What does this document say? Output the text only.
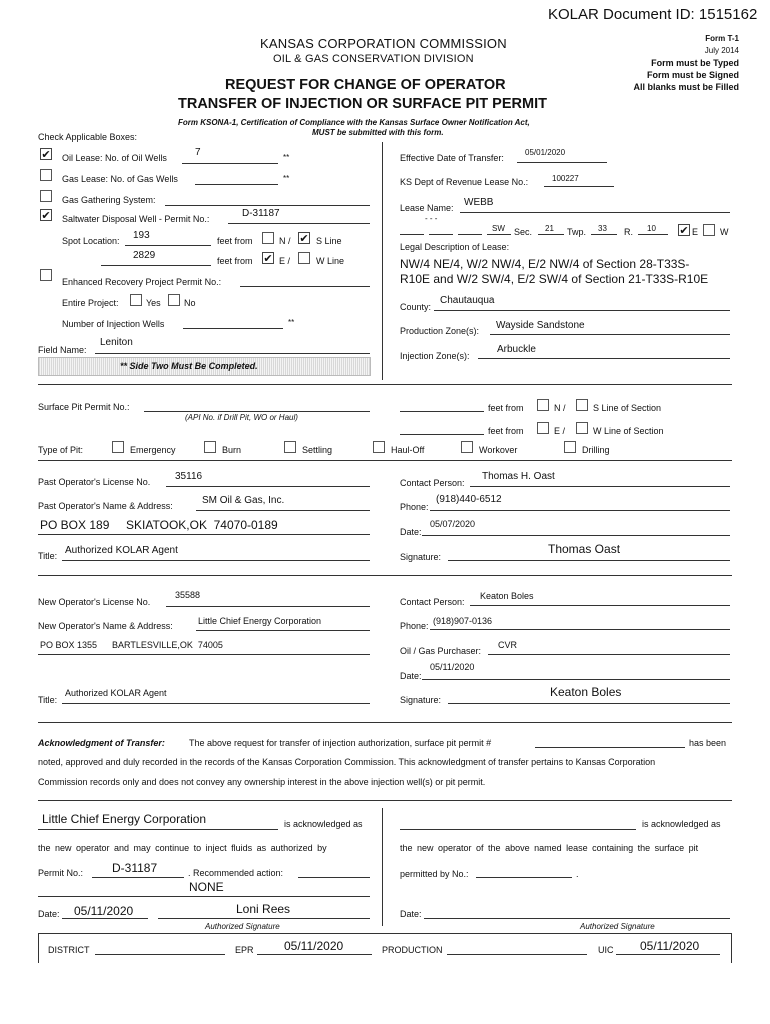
KOLAR Document ID: 1515162
KANSAS CORPORATION COMMISSION
OIL & GAS CONSERVATION DIVISION
REQUEST FOR CHANGE OF OPERATOR
TRANSFER OF INJECTION OR SURFACE PIT PERMIT
Form T-1
July 2014
Form must be Typed
Form must be Signed
All blanks must be Filled
Form KSONA-1, Certification of Compliance with the Kansas Surface Owner Notification Act,
MUST be submitted with this form.
Check Applicable Boxes:
✔ Oil Lease: No. of Oil Wells	7	**
Gas Lease: No. of Gas Wells	**
Gas Gathering System:
✔ Saltwater Disposal Well - Permit No.:	D-31187
Spot Location: 193	feet from	N / ✔ S Line
2829	feet from ✔ E /	W Line
Enhanced Recovery Project Permit No.:
Entire Project:	Yes	No
Number of Injection Wells	**
Field Name:
Leniton
** Side Two Must Be Completed.
Effective Date of Transfer:
05/01/2020
KS Dept of Revenue Lease No.:	100227
Lease Name: WEBB
- - -
SW Sec. 21 Twp. 33 R. 10 ✔ E W
Legal Description of Lease:
NW/4 NE/4, W/2 NW/4, E/2 NW/4 of Section 28-T33S-
R10E and W/2 SW/4, E/2 SW/4 of Section 21-T33S-R10E
County:
Chautauqua
Production Zone(s): Wayside Sandstone
Injection Zone(s):
Arbuckle
Surface Pit Permit No.:
(API No. if Drill Pit, WO or Haul)
feet from	N /	S Line of Section
feet from	E /	W Line of Section
Type of Pit:	Emergency	Burn	Settling	Haul-Off	Workover	Drilling
Past Operator's License No. 35116
Past Operator's Name & Address:	SM Oil & Gas, Inc.
PO BOX 189     SKIATOOK,OK  74070-0189
Title: Authorized KOLAR Agent
Contact Person:
Thomas H. Oast
Phone:
(918)440-6512
Date:
05/07/2020
Signature:
Thomas Oast
New Operator's License No.
35588
New Operator's Name & Address:	Little Chief Energy Corporation
PO BOX 1355      BARTLESVILLE,OK  74005
Title:
Authorized KOLAR Agent
Contact Person:
Keaton Boles
Phone: (918)907-0136
Oil / Gas Purchaser:
CVR
Date:
05/11/2020
Signature:
Keaton Boles
Acknowledgment of Transfer:	The above request for transfer of injection authorization, surface pit permit #	has been
noted, approved and duly recorded in the records of the Kansas Corporation Commission. This acknowledgment of transfer pertains to Kansas Corporation
Commission records only and does not convey any ownership interest in the above injection well(s) or pit permit.
Little Chief Energy Corporation	is acknowledged as
the new operator and may continue to inject fluids as authorized by
Permit No.: D-31187	. Recommended action:
NONE
Date: 05/11/2020	Loni Rees
Authorized Signature
is acknowledged as
the new operator of the above named lease containing the surface pit
permitted by No.:	.
Date:
Authorized Signature
DISTRICT	EPR	05/11/2020	PRODUCTION	UIC 05/11/2020
